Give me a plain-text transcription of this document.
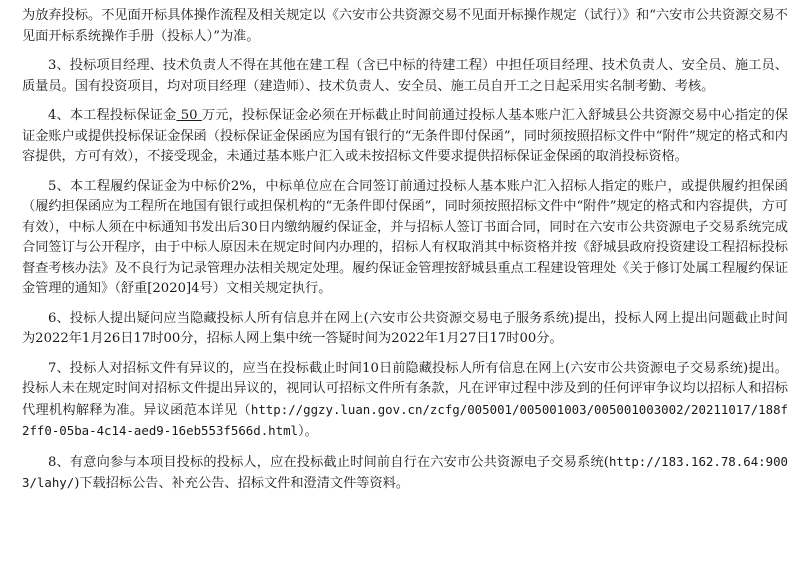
为放弃投标。不见面开标具体操作流程及相关规定以《六安市公共资源交易不见面开标操作规定（试行）》和“六安市公共资源交易不见面开标系统操作手册（投标人）”为准。

3、投标项目经理、技术负责人不得在其他在建工程（含已中标的待建工程）中担任项目经理、技术负责人、安全员、施工员、质量员。国有投资项目，均对项目经理（建造师）、技术负责人、安全员、施工员自开工之日起采用实名制考勤、考核。

4、本工程投标保证金 50 万元，投标保证金必须在开标截止时间前通过投标人基本账户汇入舒城县公共资源交易中心指定的保证金账户或提供投标保证金保函（投标保证金保函应为国有银行的“无条件即付保函”，同时须按照招标文件中“附件”规定的格式和内容提供，方可有效），不接受现金，未通过基本账户汇入或未按招标文件要求提供招标保证金保函的取消投标资格。

5、本工程履约保证金为中标价2%，中标单位应在合同签订前通过投标人基本账户汇入招标人指定的账户，或提供履约担保函（履约担保函应为工程所在地国有银行或担保机构的“无条件即付保函”，同时须按照招标文件中“附件”规定的格式和内容提供，方可有效），中标人须在中标通知书发出后30日内缴纳履约保证金，并与招标人签订书面合同，同时在六安市公共资源电子交易系统完成合同签订与公开程序，由于中标人原因未在规定时间内办理的，招标人有权取消其中标资格并按《舒城县政府投资建设工程招标投标督查考核办法》及不良行为记录管理办法相关规定处理。履约保证金管理按舒城县重点工程建设管理处《关于修订处属工程履约保证金管理的通知》（舒重[2020]4号）文相关规定执行。

6、投标人提出疑问应当隐藏投标人所有信息并在网上(六安市公共资源交易电子服务系统)提出，投标人网上提出问题截止时间为2022年1月26日17时00分，招标人网上集中统一答疑时间为2022年1月27日17时00分。

7、投标人对招标文件有异议的，应当在投标截止时间10日前隐藏投标人所有信息在网上(六安市公共资源电子交易系统)提出。投标人未在规定时间对招标文件提出异议的，视同认可招标文件所有条款，凡在评审过程中涉及到的任何评审争议均以招标人和招标代理机构解释为准。异议函范本详见（http://ggzy.luan.gov.cn/zcfg/005001/005001003/005001003002/20211017/188f2ff0-05ba-4c14-aed9-16eb553f566d.html）。

8、有意向参与本项目投标的投标人，应在投标截止时间前自行在六安市公共资源电子交易系统(http://183.162.78.64:9003/lahy/)下载招标公告、补充公告、招标文件和澄清文件等资料。
